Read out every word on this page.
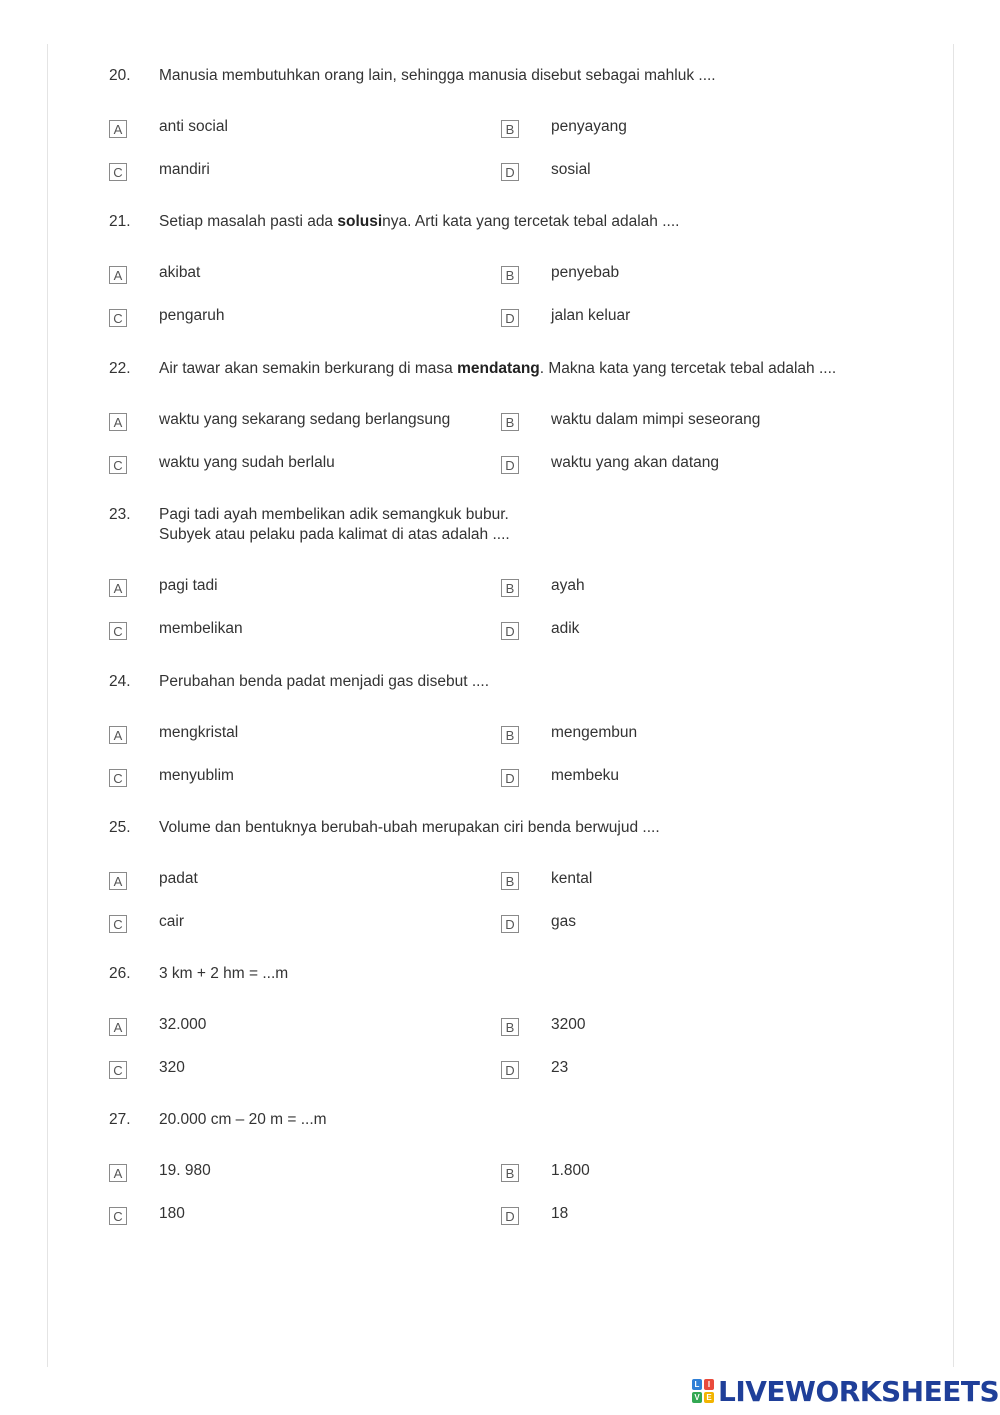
20.	Manusia membutuhkan orang lain, sehingga manusia disebut sebagai mahluk ....
A	anti social	B	penyayang
C mandiri	D sosial
21.	Setiap masalah pasti ada solusinya. Arti kata yang tercetak tebal adalah ....
A	akibat	B	penyebab
C pengaruh	D jalan keluar
22.	Air tawar akan semakin berkurang di masa mendatang. Makna kata yang tercetak tebal adalah ....
A	waktu yang sekarang sedang berlangsung	B	waktu dalam mimpi seseorang
C waktu yang sudah berlalu	D waktu yang akan datang
23.	Pagi tadi ayah membelikan adik semangkuk bubur.
Subyek atau pelaku pada kalimat di atas adalah ....
A	pagi tadi	B	ayah
C membelikan	D adik
24.	Perubahan benda padat menjadi gas disebut ....
A	mengkristal	B	mengembun
C menyublim	D membeku
25.	Volume dan bentuknya berubah-ubah merupakan ciri benda berwujud ....
A	padat	B	kental
C cair	D gas
26.	3 km + 2 hm = ...m
A	32.000	B	3200
C 320	D 23
27.	20.000 cm – 20 m = ...m
A	19. 980	B	1.800
C 180	D 18
L	I
V E LIVEWORKSHEETS
